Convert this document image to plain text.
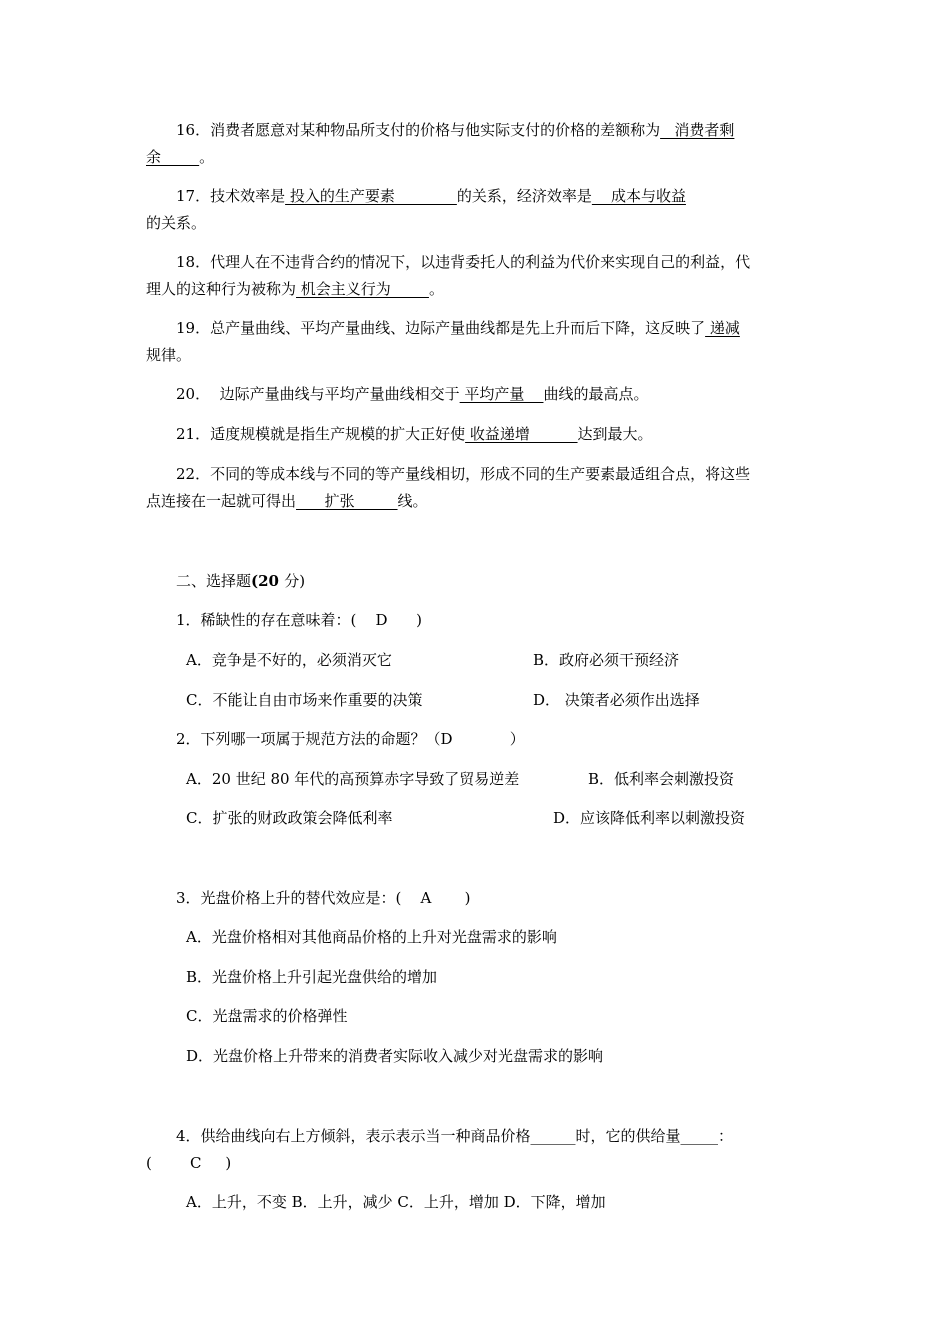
16．消费者愿意对某种物品所支付的价格与他实际支付的价格的差额称为   消费者剩
余        。
17．技术效率是 投入的生产要素             的关系，经济效率是    成本与收益
的关系。
18．代理人在不违背合约的情况下，以违背委托人的利益为代价来实现自己的利益，代
理人的这种行为被称为 机会主义行为        。
19．总产量曲线、平均产量曲线、边际产量曲线都是先上升而后下降，这反映了 递减
规律。
20．  边际产量曲线与平均产量曲线相交于 平均产量    曲线的最高点。
21．适度规模就是指生产规模的扩大正好使 收益递增          达到最大。
22．不同的等成本线与不同的等产量线相切，形成不同的生产要素最适组合点，将这些
点连接在一起就可得出      扩张         线。
二、选择题(20 分)
1．稀缺性的存在意味着：(    D      )
A．竞争是不好的，必须消灭它	B．政府必须干预经济
C．不能让自由市场来作重要的决策	D． 决策者必须作出选择
2．下列哪一项属于规范方法的命题？（D            ）
A．20 世纪 80 年代的高预算赤字导致了贸易逆差	B．低利率会刺激投资
C．扩张的财政政策会降低利率	D．应该降低利率以刺激投资
3．光盘价格上升的替代效应是：(    A       )
A．光盘价格相对其他商品价格的上升对光盘需求的影响
B．光盘价格上升引起光盘供给的增加
C．光盘需求的价格弹性
D．光盘价格上升带来的消费者实际收入减少对光盘需求的影响
4．供给曲线向右上方倾斜，表示表示当一种商品价格______时，它的供给量_____：
(        C     )
A．上升，不变 B．上升，减少 C．上升，增加 D．下降，增加
